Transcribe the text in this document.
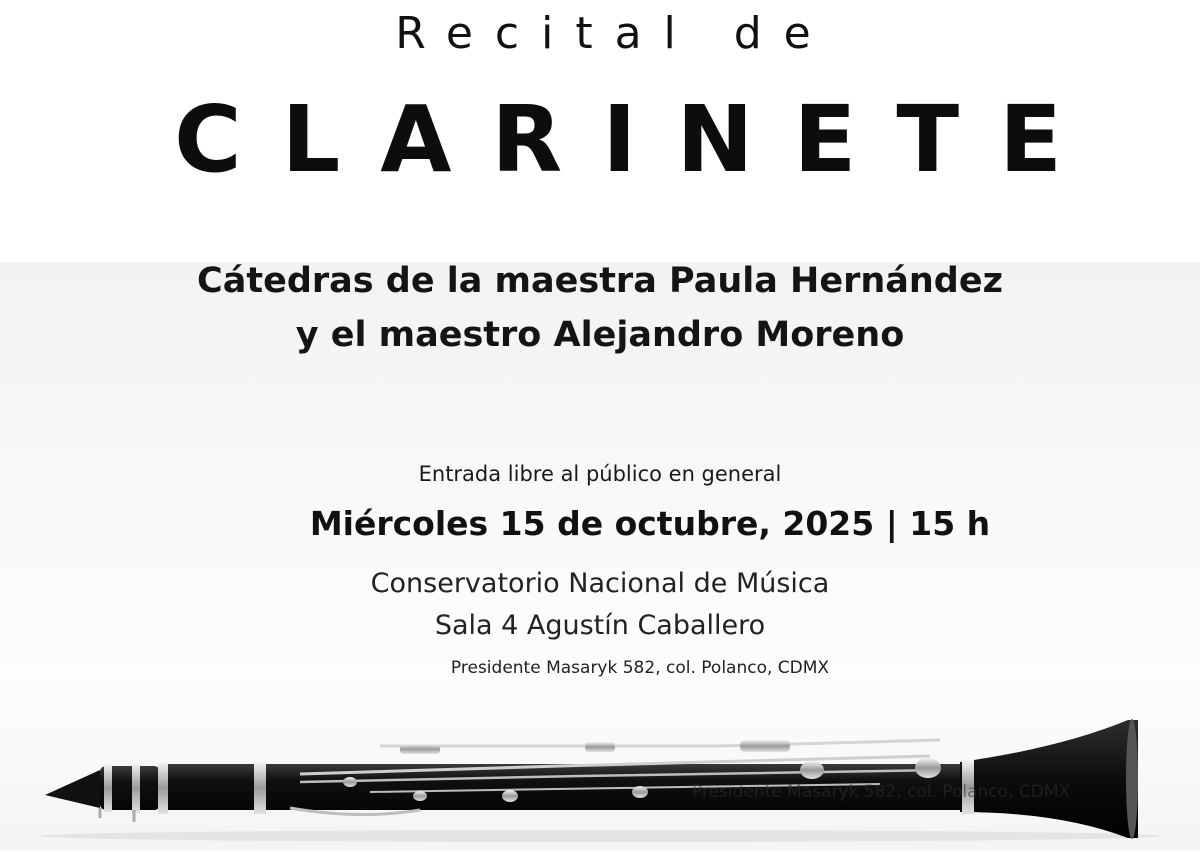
Recital de
CLARINETE
Cátedras de la maestra Paula Hernández
y el maestro Alejandro Moreno
Entrada libre al público en general
Miércoles 15 de octubre, 2025 | 15 h
Conservatorio Nacional de Música
Sala 4 Agustín Caballero
Presidente Masaryk 582, col. Polanco, CDMX
Presidente Masaryk 582, col. Polanco, CDMX
